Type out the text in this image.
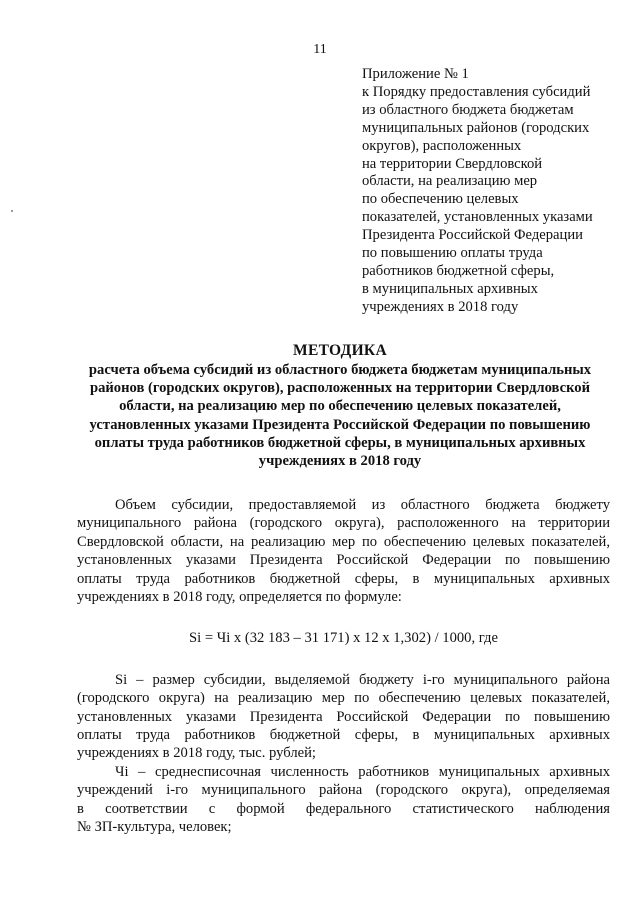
11
Приложение № 1
к Порядку предоставления субсидий
из областного бюджета бюджетам
муниципальных районов (городских
округов), расположенных
на территории Свердловской
области, на реализацию мер
по обеспечению целевых
показателей, установленных указами
Президента Российской Федерации
по повышению оплаты труда
работников бюджетной сферы,
в муниципальных архивных
учреждениях в 2018 году
МЕТОДИКА
расчета объема субсидий из областного бюджета бюджетам муниципальных
районов (городских округов), расположенных на территории Свердловской
области, на реализацию мер по обеспечению целевых показателей,
установленных указами Президента Российской Федерации по повышению
оплаты труда работников бюджетной сферы, в муниципальных архивных
учреждениях в 2018 году
Объем субсидии, предоставляемой из областного бюджета бюджету
муниципального района (городского округа), расположенного на территории
Свердловской области, на реализацию мер по обеспечению целевых показателей,
установленных указами Президента Российской Федерации по повышению
оплаты труда работников бюджетной сферы, в муниципальных архивных
учреждениях в 2018 году, определяется по формуле:
Si = Чi x (32 183 – 31 171) x 12 x 1,302) / 1000, где
Si – размер субсидии, выделяемой бюджету i-го муниципального района
(городского округа) на реализацию мер по обеспечению целевых показателей,
установленных указами Президента Российской Федерации по повышению
оплаты труда работников бюджетной сферы, в муниципальных архивных
учреждениях в 2018 году, тыс. рублей;
Чi – среднесписочная численность работников муниципальных архивных
учреждений i-го муниципального района (городского округа), определяемая
в соответствии с формой федерального статистического наблюдения
№ ЗП-культура, человек;
